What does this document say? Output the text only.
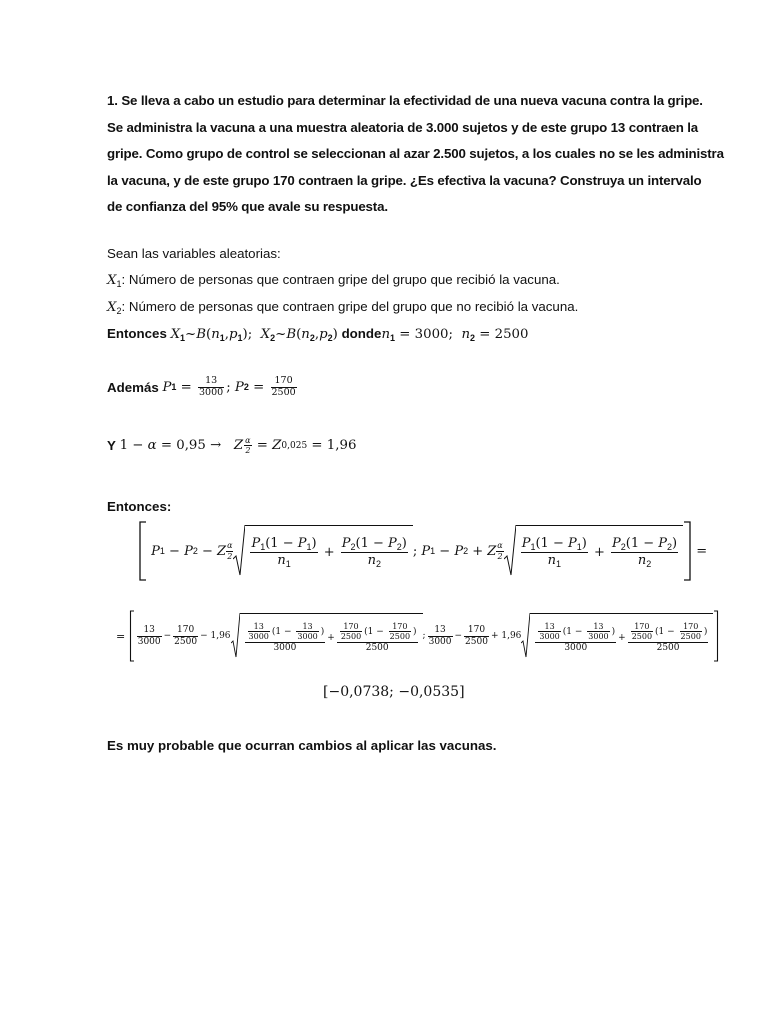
1. Se lleva a cabo un estudio para determinar la efectividad de una nueva vacuna contra la gripe.

Se administra la vacuna a una muestra aleatoria de 3.000 sujetos y de este grupo 13 contraen la

gripe. Como grupo de control se seleccionan al azar 2.500 sujetos, a los cuales no se les administra

la vacuna, y de este grupo 170 contraen la gripe. ¿Es efectiva la vacuna? Construya un intervalo

de confianza del 95% que avale su respuesta.

Sean las variables aleatorias:
$X_1$: Número de personas que contraen gripe del grupo que recibió la vacuna.
$X_2$: Número de personas que contraen gripe del grupo que no recibió la vacuna.
Entonces $X_1\sim B(n_1,p_1)$;  $X_2\sim B(n_2,p_2)$ donden$_1$ = 3000;  $n_2 = 2500$
Además
P $1 = \frac{13}{3000}$ ; P $2 = \frac{170}{2500}$
Y
1 − α = 0,95 → Z $\frac{\alpha}{2} = Z$ 0,025 = 1,96
Entonces:
P 1 − P 2 − Z $\frac{\alpha}{2} \frac{P_1(1 - P_1)}{n_1} + \frac{P_2(1 - P_2)}{n_2}$ ; P 1 − P 2 + Z $\frac{\alpha}{2} \frac{P_1(1 - P_1)}{n_1} + \frac{P_2(1 - P_2)}{n_2}$ =
= $\frac{13}{3000} - \frac{170}{2500} - 1,96 \frac{\frac{13}{3000} (1 - \frac{13}{3000} )}{3000} + \frac{\frac{170}{2500} (1 - \frac{170}{2500} )}{2500}$ ; $\frac{13}{3000} - \frac{170}{2500} + 1,96 \frac{\frac{13}{3000} (1 - \frac{13}{3000} )}{3000} + \frac{\frac{170}{2500} (1 - \frac{170}{2500} )}{2500}$
[−0,0738; −0,0535]
Es muy probable que ocurran cambios al aplicar las vacunas.
